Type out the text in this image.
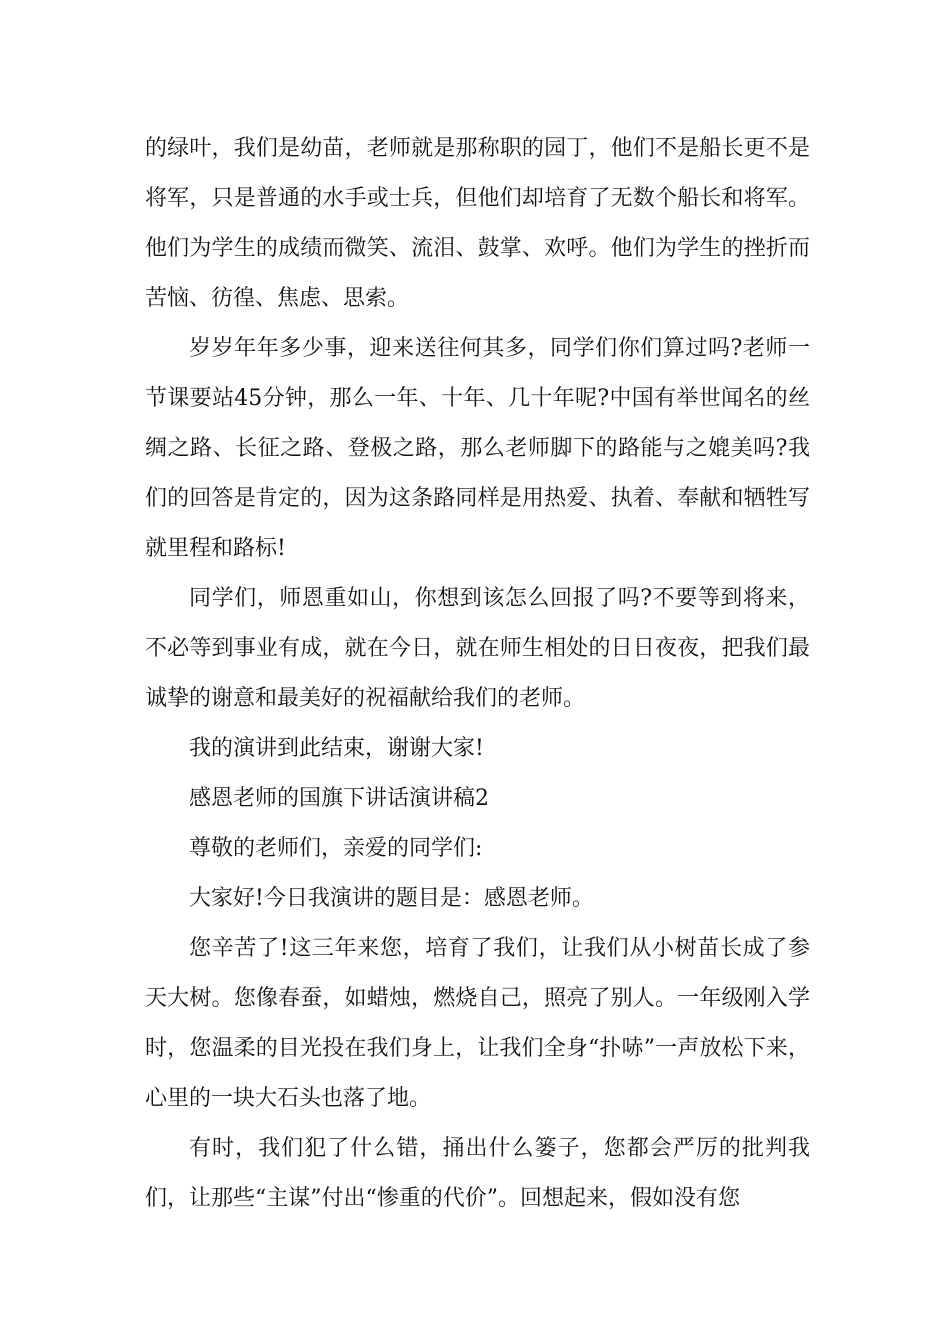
的绿叶，我们是幼苗，老师就是那称职的园丁，他们不是船长更不是将军，只是普通的水手或士兵，但他们却培育了无数个船长和将军。他们为学生的成绩而微笑、流泪、鼓掌、欢呼。他们为学生的挫折而苦恼、彷徨、焦虑、思索。

岁岁年年多少事，迎来送往何其多，同学们你们算过吗?老师一节课要站45分钟，那么一年、十年、几十年呢?中国有举世闻名的丝绸之路、长征之路、登极之路，那么老师脚下的路能与之媲美吗?我们的回答是肯定的，因为这条路同样是用热爱、执着、奉献和牺牲写就里程和路标!

同学们，师恩重如山，你想到该怎么回报了吗?不要等到将来，不必等到事业有成，就在今日，就在师生相处的日日夜夜，把我们最诚挚的谢意和最美好的祝福献给我们的老师。

我的演讲到此结束，谢谢大家!

感恩老师的国旗下讲话演讲稿2

尊敬的老师们，亲爱的同学们:

大家好!今日我演讲的题目是：感恩老师。

您辛苦了!这三年来您，培育了我们，让我们从小树苗长成了参天大树。您像春蚕，如蜡烛，燃烧自己，照亮了别人。一年级刚入学时，您温柔的目光投在我们身上，让我们全身“扑哧”一声放松下来，心里的一块大石头也落了地。

有时，我们犯了什么错，捅出什么篓子，您都会严厉的批判我们，让那些“主谋”付出“惨重的代价”。回想起来，假如没有您
